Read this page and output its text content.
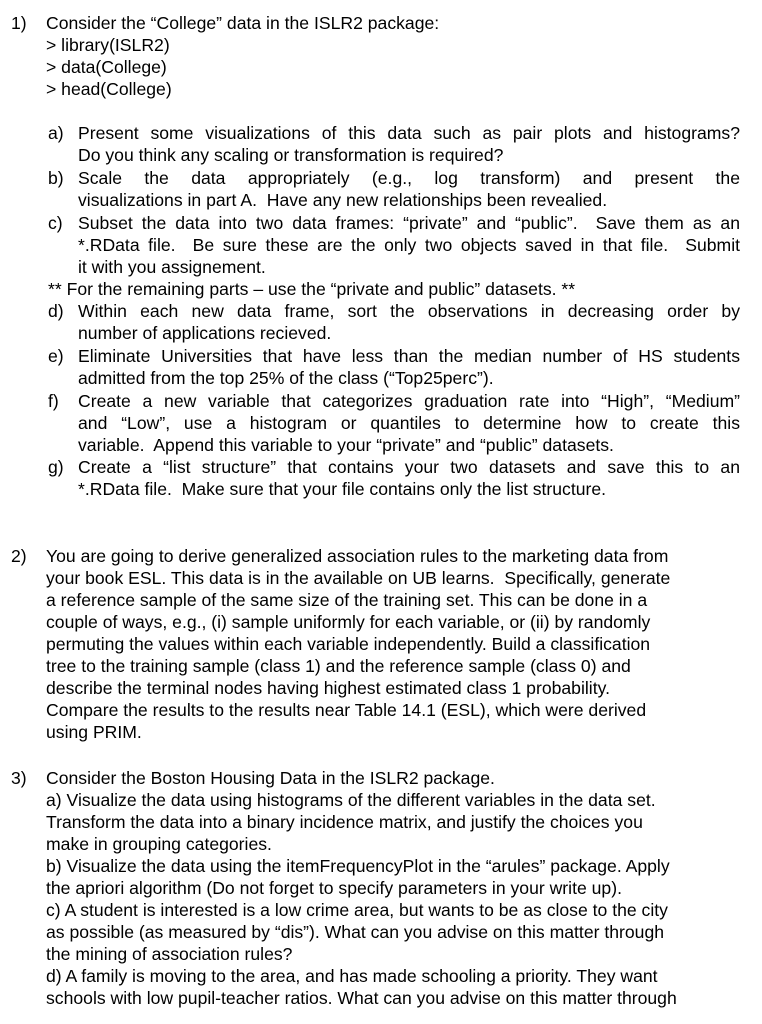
1) Consider the “College” data in the ISLR2 package:
> library(ISLR2)
> data(College)
> head(College)
a) Present some visualizations of this data such as pair plots and histograms?
Do you think any scaling or transformation is required?
b) Scale the data appropriately (e.g., log transform) and present the
visualizations in part A.  Have any new relationships been revealied.
c) Subset the data into two data frames: “private” and “public”.  Save them as an
*.RData file.  Be sure these are the only two objects saved in that file.  Submit
it with you assignement.
** For the remaining parts – use the “private and public” datasets. **
d) Within each new data frame, sort the observations in decreasing order by
number of applications recieved.
e) Eliminate Universities that have less than the median number of HS students
admitted from the top 25% of the class (“Top25perc”).
f) Create a new variable that categorizes graduation rate into “High”, “Medium”
and “Low”, use a histogram or quantiles to determine how to create this
variable.  Append this variable to your “private” and “public” datasets.
g) Create a “list structure” that contains your two datasets and save this to an
*.RData file.  Make sure that your file contains only the list structure.
2) You are going to derive generalized association rules to the marketing data from
your book ESL. This data is in the available on UB learns.  Specifically, generate
a reference sample of the same size of the training set. This can be done in a
couple of ways, e.g., (i) sample uniformly for each variable, or (ii) by randomly
permuting the values within each variable independently. Build a classification
tree to the training sample (class 1) and the reference sample (class 0) and
describe the terminal nodes having highest estimated class 1 probability.
Compare the results to the results near Table 14.1 (ESL), which were derived
using PRIM.
3) Consider the Boston Housing Data in the ISLR2 package.
a) Visualize the data using histograms of the different variables in the data set.
Transform the data into a binary incidence matrix, and justify the choices you
make in grouping categories.
b) Visualize the data using the itemFrequencyPlot in the “arules” package. Apply
the apriori algorithm (Do not forget to specify parameters in your write up).
c) A student is interested is a low crime area, but wants to be as close to the city
as possible (as measured by “dis”). What can you advise on this matter through
the mining of association rules?
d) A family is moving to the area, and has made schooling a priority. They want
schools with low pupil-teacher ratios. What can you advise on this matter through
